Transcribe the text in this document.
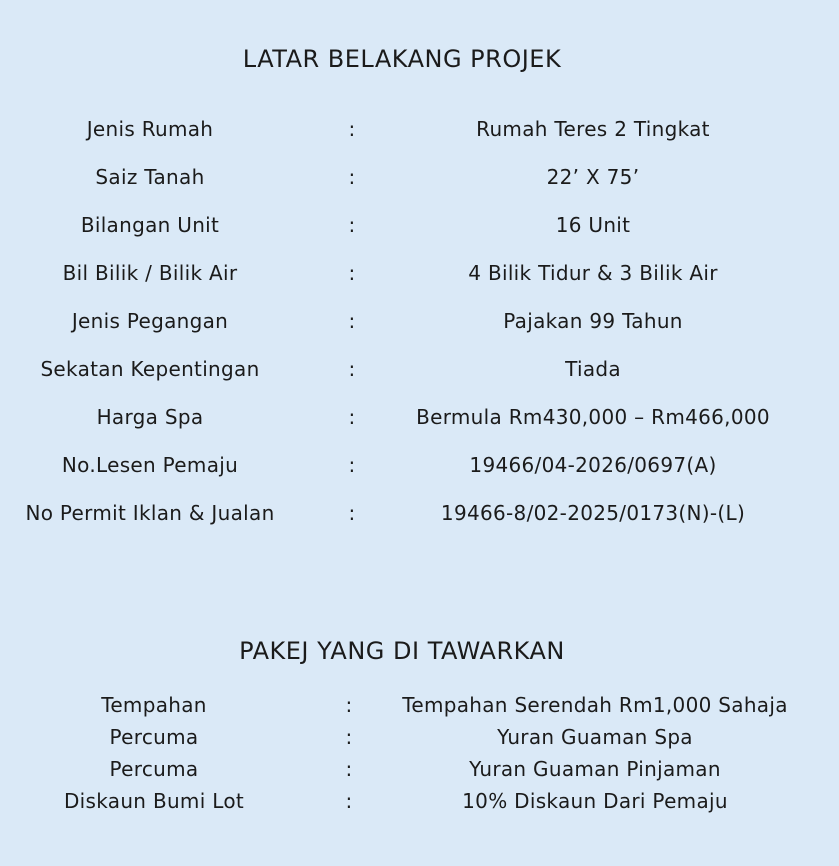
LATAR BELAKANG PROJEK
Jenis Rumah	:	Rumah Teres 2 Tingkat
Saiz Tanah	:	22’ X 75’
Bilangan Unit	:	16 Unit
Bil Bilik / Bilik Air	:	4 Bilik Tidur & 3 Bilik Air
Jenis Pegangan	:	Pajakan 99 Tahun
Sekatan Kepentingan	:	Tiada
Harga Spa	:	Bermula Rm430,000 – Rm466,000
No.Lesen Pemaju	:	19466/04-2026/0697(A)
No Permit Iklan & Jualan	:	19466-8/02-2025/0173(N)-(L)
PAKEJ YANG DI TAWARKAN
Tempahan	:	Tempahan Serendah Rm1,000 Sahaja
Percuma	:	Yuran Guaman Spa
Percuma	:	Yuran Guaman Pinjaman
Diskaun Bumi Lot	:	10% Diskaun Dari Pemaju
